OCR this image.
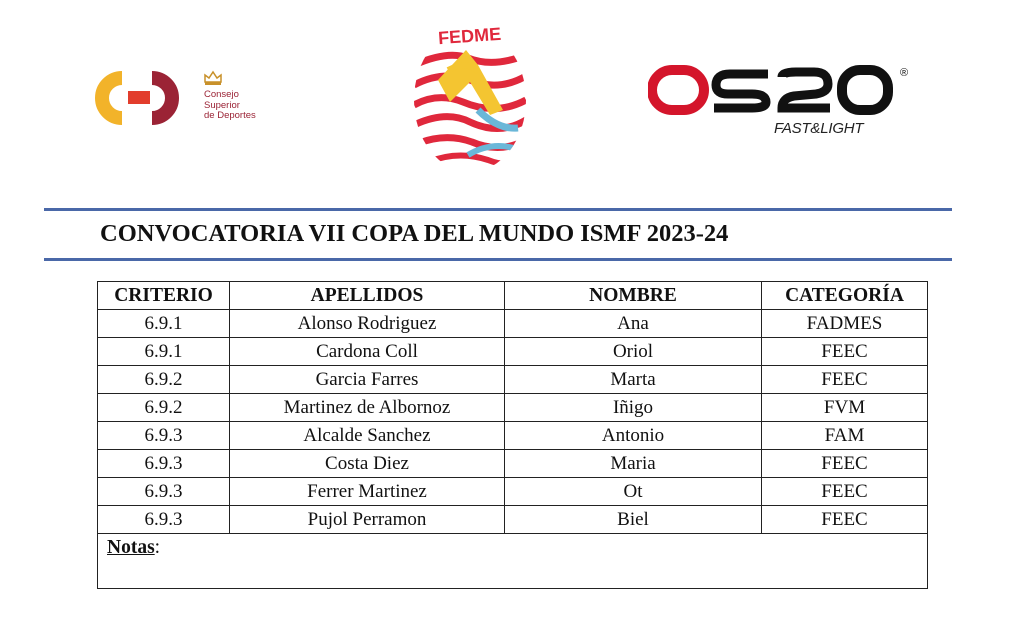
Consejo
Superior
de Deportes
FEDME
®
FAST&LIGHT
CONVOCATORIA VII COPA DEL MUNDO ISMF 2023-24
CRITERIO	APELLIDOS	NOMBRE	CATEGORÍA
6.9.1	Alonso Rodriguez	Ana	FADMES
6.9.1	Cardona Coll	Oriol	FEEC
6.9.2	Garcia Farres	Marta	FEEC
6.9.2	Martinez de Albornoz	Iñigo	FVM
6.9.3	Alcalde Sanchez	Antonio	FAM
6.9.3	Costa Diez	Maria	FEEC
6.9.3	Ferrer Martinez	Ot	FEEC
6.9.3	Pujol Perramon	Biel	FEEC
Notas:			
